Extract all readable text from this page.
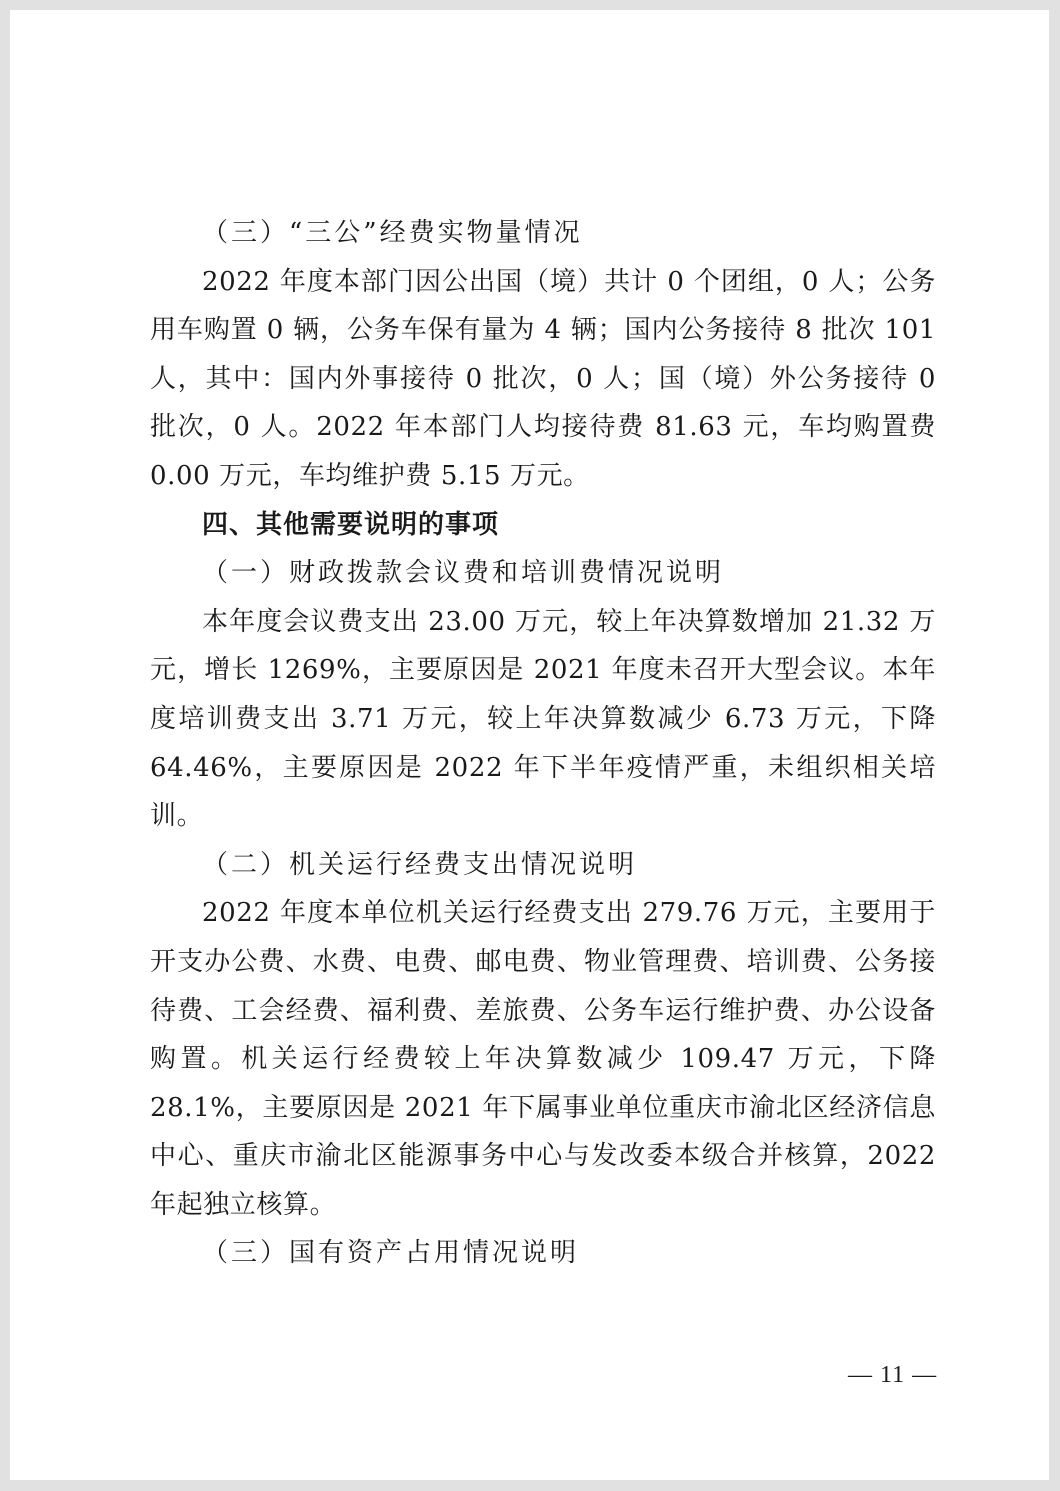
（三）“三公”经费实物量情况

2022 年度本部门因公出国（境）共计 0 个团组，0 人；公务用车购置 0 辆，公务车保有量为 4 辆；国内公务接待 8 批次 101 人，其中：国内外事接待 0 批次，0 人；国（境）外公务接待 0 批次，0 人。2022 年本部门人均接待费 81.63 元，车均购置费 0.00 万元，车均维护费 5.15 万元。

四、其他需要说明的事项

（一）财政拨款会议费和培训费情况说明

本年度会议费支出 23.00 万元，较上年决算数增加 21.32 万元，增长 1269%，主要原因是 2021 年度未召开大型会议。本年度培训费支出 3.71 万元，较上年决算数减少 6.73 万元，下降 64.46%，主要原因是 2022 年下半年疫情严重，未组织相关培训。

（二）机关运行经费支出情况说明

2022 年度本单位机关运行经费支出 279.76 万元，主要用于开支办公费、水费、电费、邮电费、物业管理费、培训费、公务接待费、工会经费、福利费、差旅费、公务车运行维护费、办公设备购置。机关运行经费较上年决算数减少 109.47 万元，下降 28.1%，主要原因是 2021 年下属事业单位重庆市渝北区经济信息中心、重庆市渝北区能源事务中心与发改委本级合并核算，2022 年起独立核算。

（三）国有资产占用情况说明

— 11 —
